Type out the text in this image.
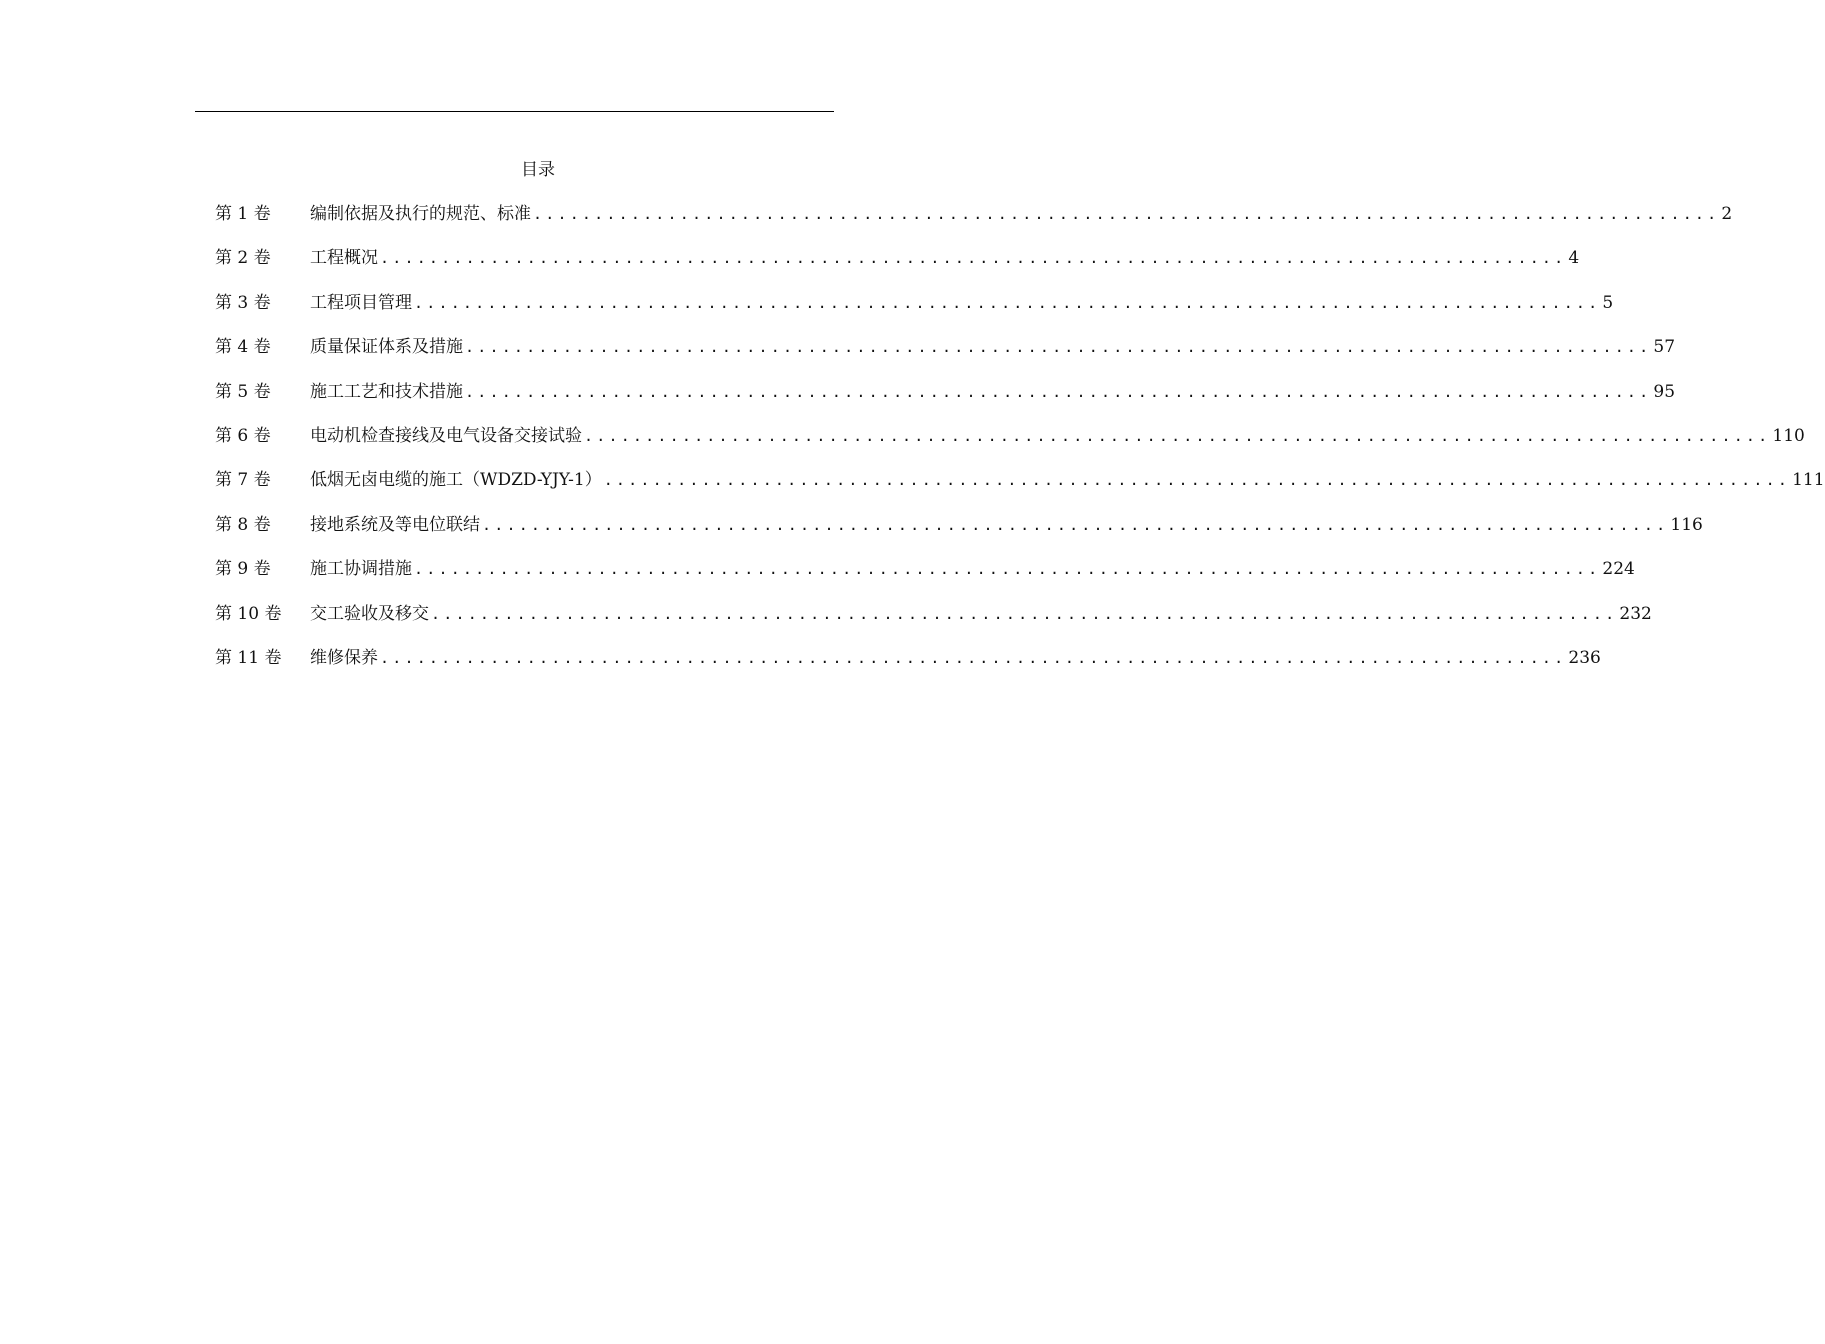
目录
第 1 卷	编制依据及执行的规范、标准 ................................................................................................. 2
第 2 卷	工程概况 ................................................................................................. 4
第 3 卷	工程项目管理 ................................................................................................. 5
第 4 卷	质量保证体系及措施 ................................................................................................. 57
第 5 卷	施工工艺和技术措施 ................................................................................................. 95
第 6 卷	电动机检查接线及电气设备交接试验 ................................................................................................. 110
第 7 卷	低烟无卤电缆的施工（WDZD-YJY-1） ................................................................................................. 111
第 8 卷	接地系统及等电位联结 ................................................................................................. 116
第 9 卷	施工协调措施 ................................................................................................. 224
第 10 卷	交工验收及移交 ................................................................................................. 232
第 11 卷	维修保养 ................................................................................................. 236
